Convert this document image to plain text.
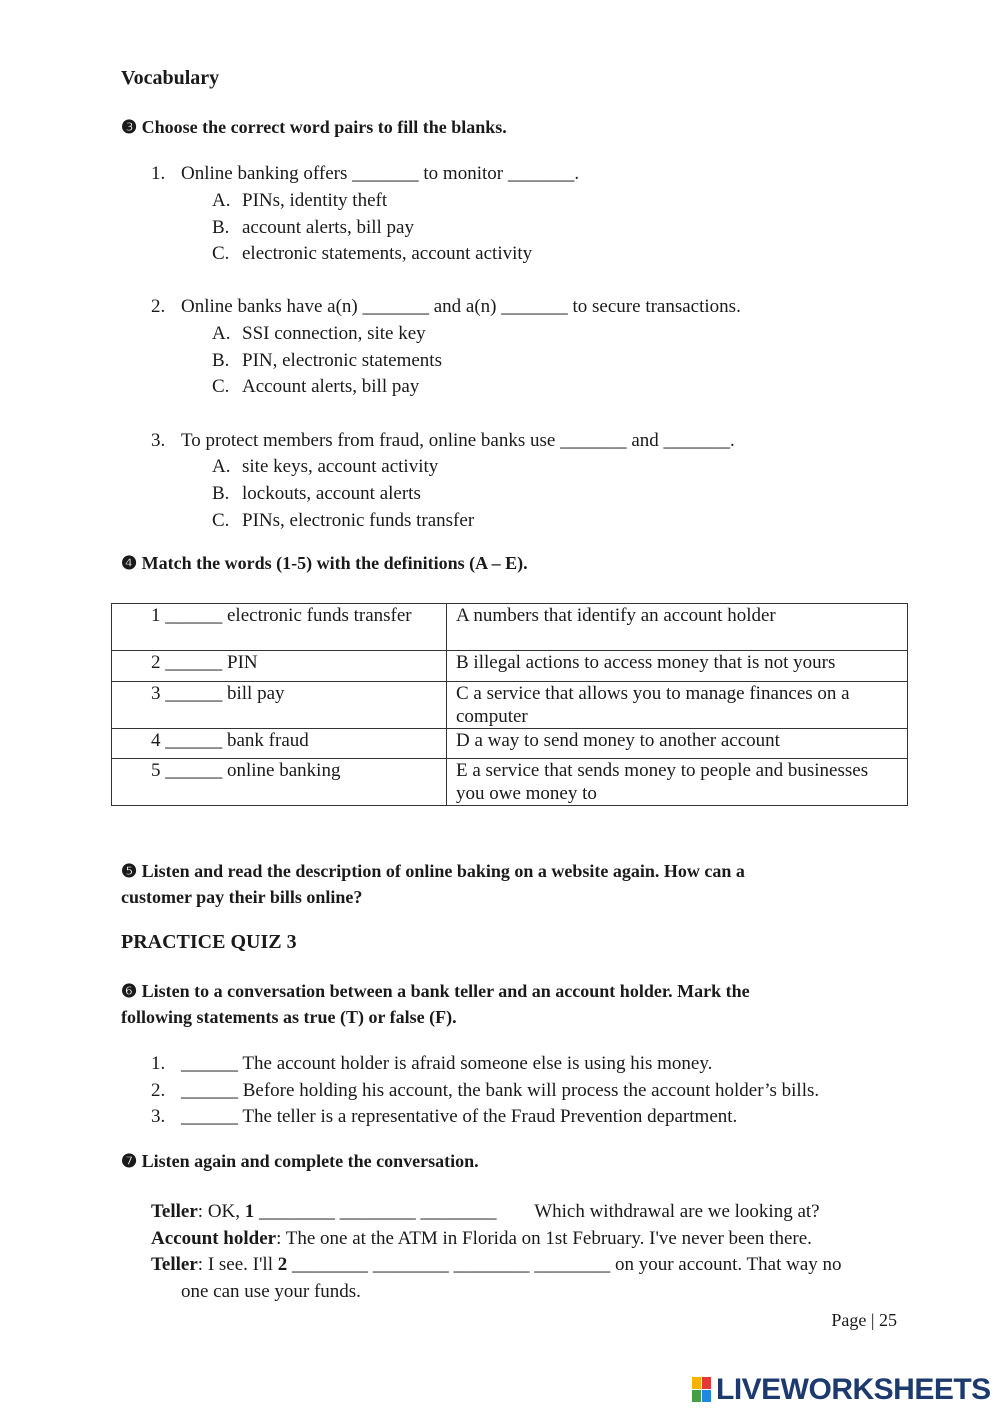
Vocabulary
❸ Choose the correct word pairs to fill the blanks.
1. Online banking offers _______ to monitor _______.
A. PINs, identity theft
B. account alerts, bill pay
C. electronic statements, account activity
2. Online banks have a(n) _______ and a(n) _______ to secure transactions.
A. SSI connection, site key
B. PIN, electronic statements
C. Account alerts, bill pay
3. To protect members from fraud, online banks use _______ and _______.
A. site keys, account activity
B. lockouts, account alerts
C. PINs, electronic funds transfer
❹ Match the words (1-5) with the definitions (A – E).
1 ______ electronic funds transfer	A numbers that identify an account holder
2 ______ PIN	B illegal actions to access money that is not yours
3 ______ bill pay	C a service that allows you to manage finances on a computer
4 ______ bank fraud	D a way to send money to another account
5 ______ online banking	E a service that sends money to people and businesses you owe money to
❺ Listen and read the description of online baking on a website again. How can a
customer pay their bills online?
PRACTICE QUIZ 3
❻ Listen to a conversation between a bank teller and an account holder. Mark the
following statements as true (T) or false (F).
1. ______ The account holder is afraid someone else is using his money.
2. ______ Before holding his account, the bank will process the account holder’s bills.
3. ______ The teller is a representative of the Fraud Prevention department.
❼ Listen again and complete the conversation.
Teller: OK, 1 ________ ________ ________        Which withdrawal are we looking at?
Account holder: The one at the ATM in Florida on 1st February. I've never been there.
Teller: I see. I'll 2 ________ ________ ________ ________ on your account. That way no
one can use your funds.
Page | 25
LIVEWORKSHEETS
